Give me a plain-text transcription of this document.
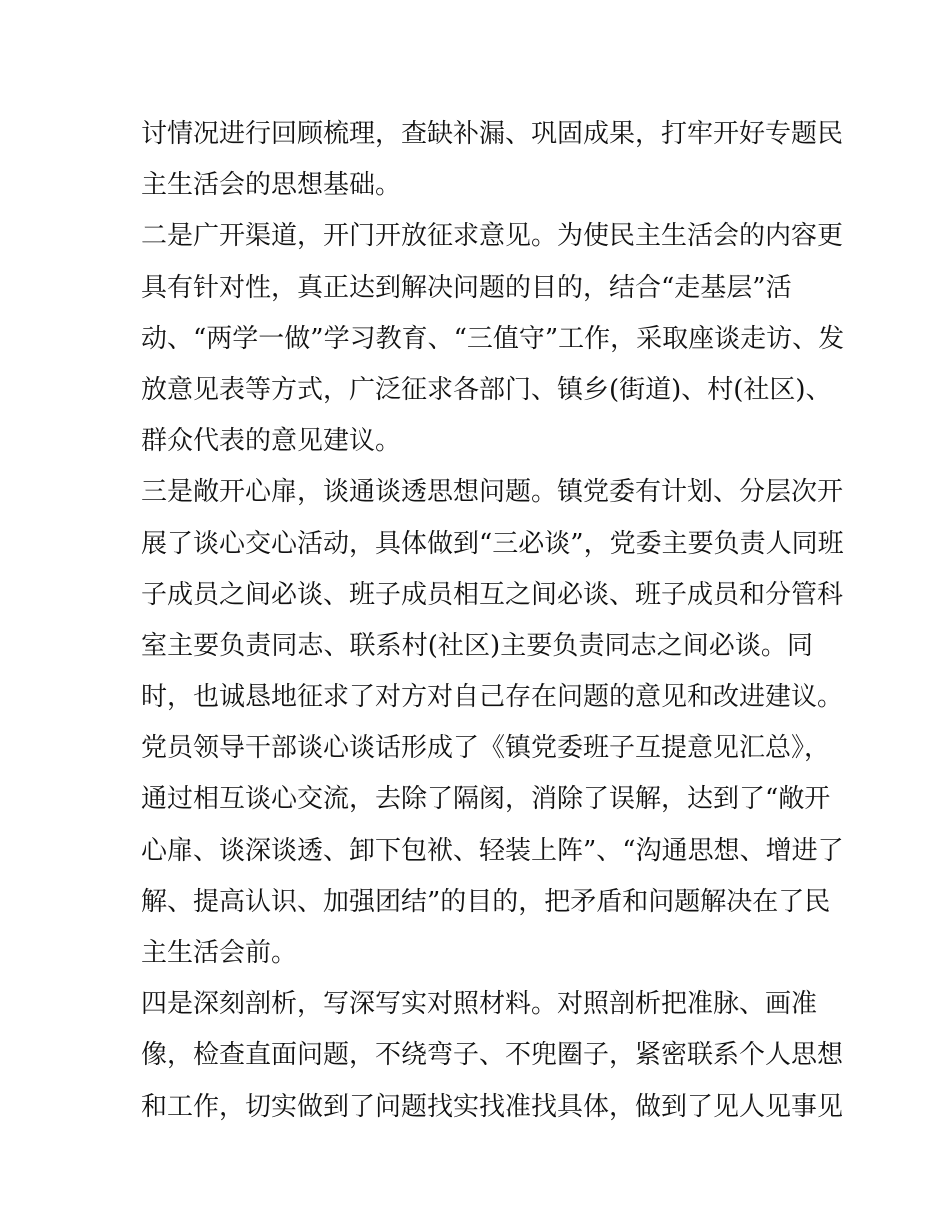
讨情况进行回顾梳理，查缺补漏、巩固成果，打牢开好专题民
主生活会的思想基础。
二是广开渠道，开门开放征求意见。为使民主生活会的内容更
具有针对性，真正达到解决问题的目的，结合“走基层”活
动、“两学一做”学习教育、“三值守”工作，采取座谈走访、发
放意见表等方式，广泛征求各部门、镇乡(街道)、村(社区)、
群众代表的意见建议。
三是敞开心扉，谈通谈透思想问题。镇党委有计划、分层次开
展了谈心交心活动，具体做到“三必谈”，党委主要负责人同班
子成员之间必谈、班子成员相互之间必谈、班子成员和分管科
室主要负责同志、联系村(社区)主要负责同志之间必谈。同
时，也诚恳地征求了对方对自己存在问题的意见和改进建议。
党员领导干部谈心谈话形成了《镇党委班子互提意见汇总》，
通过相互谈心交流，去除了隔阂，消除了误解，达到了“敞开
心扉、谈深谈透、卸下包袱、轻装上阵”、“沟通思想、增进了
解、提高认识、加强团结”的目的，把矛盾和问题解决在了民
主生活会前。
四是深刻剖析，写深写实对照材料。对照剖析把准脉、画准
像，检查直面问题，不绕弯子、不兜圈子，紧密联系个人思想
和工作，切实做到了问题找实找准找具体，做到了见人见事见
